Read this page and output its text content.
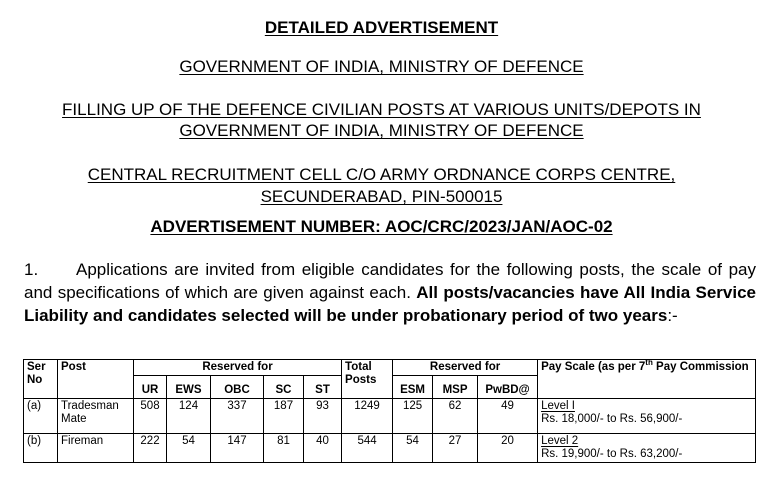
DETAILED ADVERTISEMENT
GOVERNMENT OF INDIA, MINISTRY OF DEFENCE
FILLING UP OF THE DEFENCE CIVILIAN POSTS AT VARIOUS UNITS/DEPOTS IN
GOVERNMENT OF INDIA, MINISTRY OF DEFENCE
CENTRAL RECRUITMENT CELL C/O ARMY ORDNANCE CORPS CENTRE,
SECUNDERABAD, PIN-500015
ADVERTISEMENT NUMBER: AOC/CRC/2023/JAN/AOC-02
1. Applications are invited from eligible candidates for the following posts, the scale of pay and specifications of which are given against each. All posts/vacancies have All India Service Liability and candidates selected will be under probationary period of two years:-
Ser No	Post	Reserved for					Total Posts	Reserved for			Pay Scale (as per 7th Pay Commission
		UR	EWS	OBC	SC	ST		ESM	MSP	PwBD@	
(a)	Tradesman Mate	508	124	337	187	93	1249	125	62	49	Level I
Rs. 18,000/- to Rs. 56,900/-

(b)	Fireman	222	54	147	81	40	544	54	27	20	Level 2
Rs. 19,900/- to Rs. 63,200/-
